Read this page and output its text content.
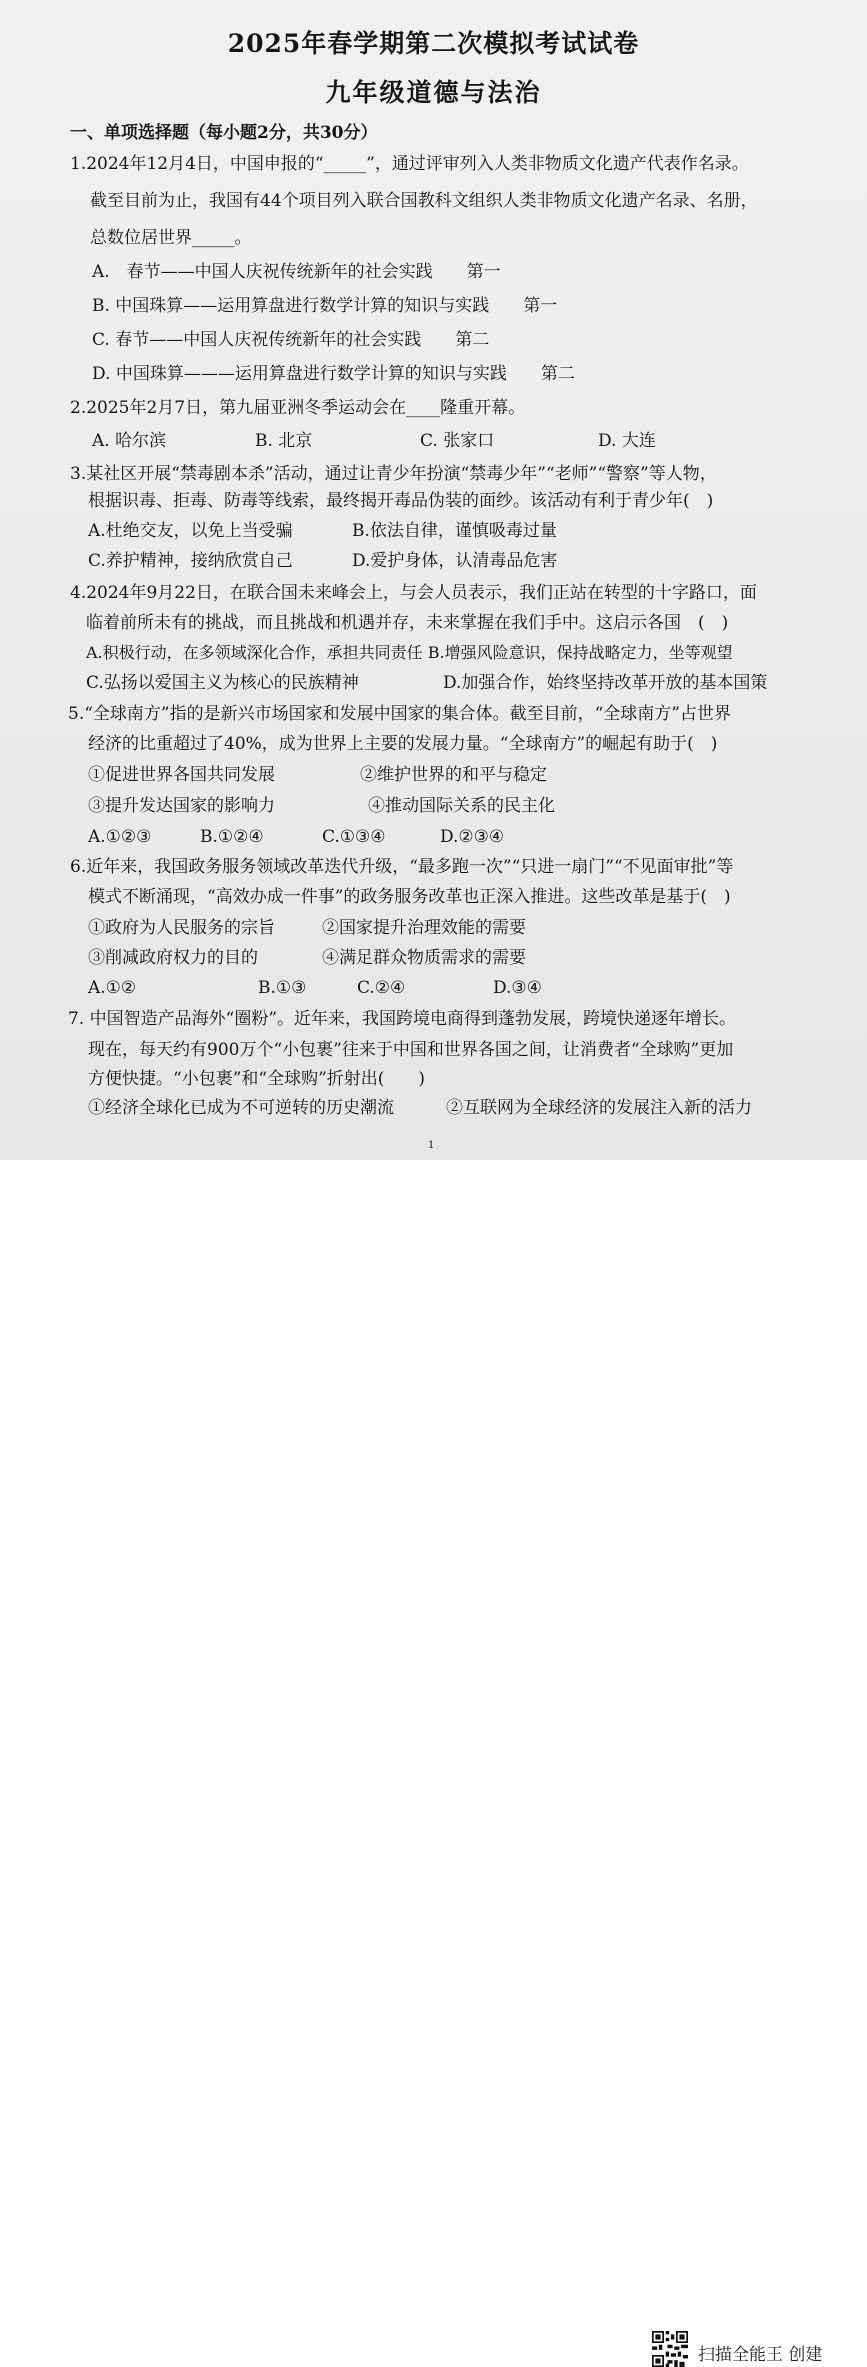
2025年春学期第二次模拟考试试卷
九年级道德与法治
一、单项选择题（每小题2分，共30分）
1.2024年12月4日，中国申报的“_____”，通过评审列入人类非物质文化遗产代表作名录。
截至目前为止，我国有44个项目列入联合国教科文组织人类非物质文化遗产名录、名册，
总数位居世界_____。
A.　春节——中国人庆祝传统新年的社会实践　　第一
B. 中国珠算——运用算盘进行数学计算的知识与实践　　第一
C. 春节——中国人庆祝传统新年的社会实践　　第二
D. 中国珠算———运用算盘进行数学计算的知识与实践　　第二
2.2025年2月7日，第九届亚洲冬季运动会在____隆重开幕。
A. 哈尔滨	B. 北京	C. 张家口	D. 大连
3.某社区开展“禁毒剧本杀”活动，通过让青少年扮演“禁毒少年”“老师”“警察”等人物，
根据识毒、拒毒、防毒等线索，最终揭开毒品伪装的面纱。该活动有利于青少年(　)
A.杜绝交友，以免上当受骗	B.依法自律，谨慎吸毒过量
C.养护精神，接纳欣赏自己	D.爱护身体，认清毒品危害
4.2024年9月22日，在联合国未来峰会上，与会人员表示，我们正站在转型的十字路口，面
临着前所未有的挑战，而且挑战和机遇并存，未来掌握在我们手中。这启示各国　(　)
A.积极行动，在多领域深化合作，承担共同责任 B.增强风险意识，保持战略定力，坐等观望
C.弘扬以爱国主义为核心的民族精神	D.加强合作，始终坚持改革开放的基本国策
5.“全球南方”指的是新兴市场国家和发展中国家的集合体。截至目前，“全球南方”占世界
经济的比重超过了40%，成为世界上主要的发展力量。“全球南方”的崛起有助于(　)
①促进世界各国共同发展	②维护世界的和平与稳定
③提升发达国家的影响力	④推动国际关系的民主化
A.①②③	B.①②④	C.①③④	D.②③④
6.近年来，我国政务服务领域改革迭代升级，“最多跑一次”“只进一扇门”“不见面审批”等
模式不断涌现，“高效办成一件事”的政务服务改革也正深入推进。这些改革是基于(　)
①政府为人民服务的宗旨	②国家提升治理效能的需要
③削减政府权力的目的	④满足群众物质需求的需要
A.①②	B.①③	C.②④	D.③④
7. 中国智造产品海外“圈粉”。近年来，我国跨境电商得到蓬勃发展，跨境快递逐年增长。
现在，每天约有900万个“小包裹”往来于中国和世界各国之间，让消费者“全球购”更加
方便快捷。“小包裹”和“全球购”折射出(　　)
①经济全球化已成为不可逆转的历史潮流	②互联网为全球经济的发展注入新的活力
1
扫描全能王 创建
